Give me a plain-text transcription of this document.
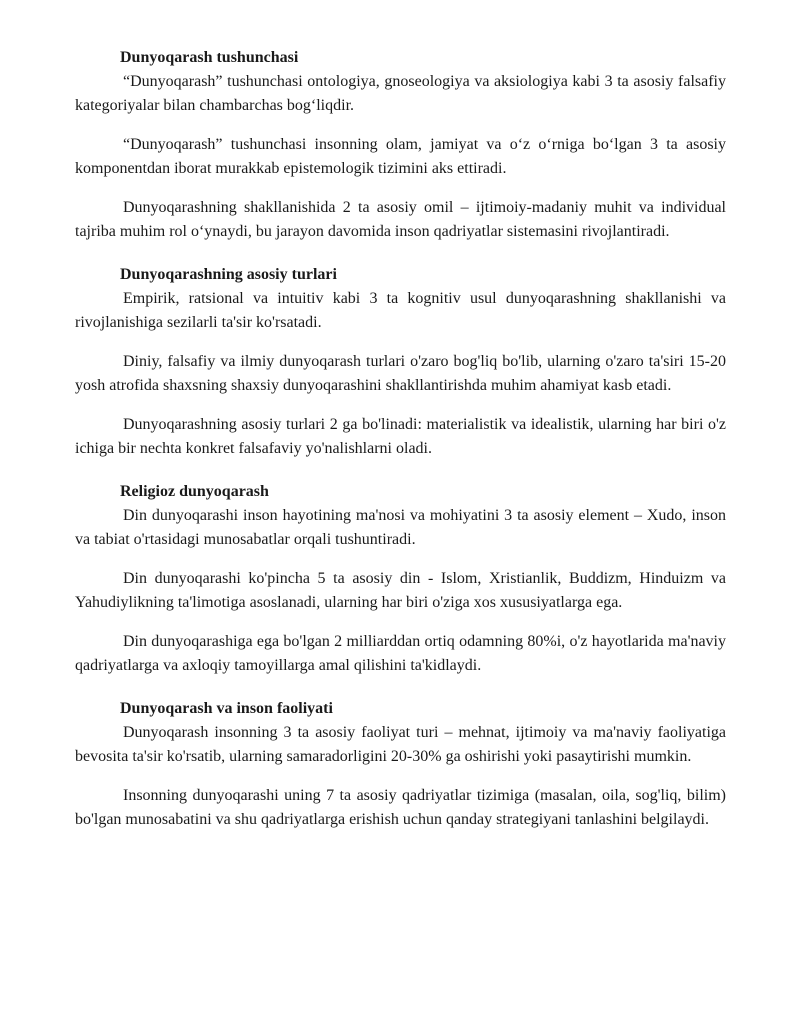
Dunyoqarash tushunchasi

“Dunyoqarash” tushunchasi ontologiya, gnoseologiya va aksiologiya kabi 3 ta asosiy falsafiy kategoriyalar bilan chambarchas bog‘liqdir.

“Dunyoqarash” tushunchasi insonning olam, jamiyat va o‘z o‘rniga bo‘lgan 3 ta asosiy komponentdan iborat murakkab epistemologik tizimini aks ettiradi.

Dunyoqarashning shakllanishida 2 ta asosiy omil – ijtimoiy-madaniy muhit va individual tajriba muhim rol o‘ynaydi, bu jarayon davomida inson qadriyatlar sistemasini rivojlantiradi.

Dunyoqarashning asosiy turlari

Empirik, ratsional va intuitiv kabi 3 ta kognitiv usul dunyoqarashning shakllanishi va rivojlanishiga sezilarli ta'sir ko'rsatadi.

Diniy, falsafiy va ilmiy dunyoqarash turlari o'zaro bog'liq bo'lib, ularning o'zaro ta'siri 15-20 yosh atrofida shaxsning shaxsiy dunyoqarashini shakllantirishda muhim ahamiyat kasb etadi.

Dunyoqarashning asosiy turlari 2 ga bo'linadi: materialistik va idealistik, ularning har biri o'z ichiga bir nechta konkret falsafaviy yo'nalishlarni oladi.

Religioz dunyoqarash

Din dunyoqarashi inson hayotining ma'nosi va mohiyatini 3 ta asosiy element – Xudo, inson va tabiat o'rtasidagi munosabatlar orqali tushuntiradi.

Din dunyoqarashi ko'pincha 5 ta asosiy din - Islom, Xristianlik, Buddizm, Hinduizm va Yahudiylikning ta'limotiga asoslanadi, ularning har biri o'ziga xos xususiyatlarga ega.

Din dunyoqarashiga ega bo'lgan 2 milliarddan ortiq odamning 80%i, o'z hayotlarida ma'naviy qadriyatlarga va axloqiy tamoyillarga amal qilishini ta'kidlaydi.

Dunyoqarash va inson faoliyati

Dunyoqarash insonning 3 ta asosiy faoliyat turi – mehnat, ijtimoiy va ma'naviy faoliyatiga bevosita ta'sir ko'rsatib, ularning samaradorligini 20-30% ga oshirishi yoki pasaytirishi mumkin.

Insonning dunyoqarashi uning 7 ta asosiy qadriyatlar tizimiga (masalan, oila, sog'liq, bilim) bo'lgan munosabatini va shu qadriyatlarga erishish uchun qanday strategiyani tanlashini belgilaydi.
